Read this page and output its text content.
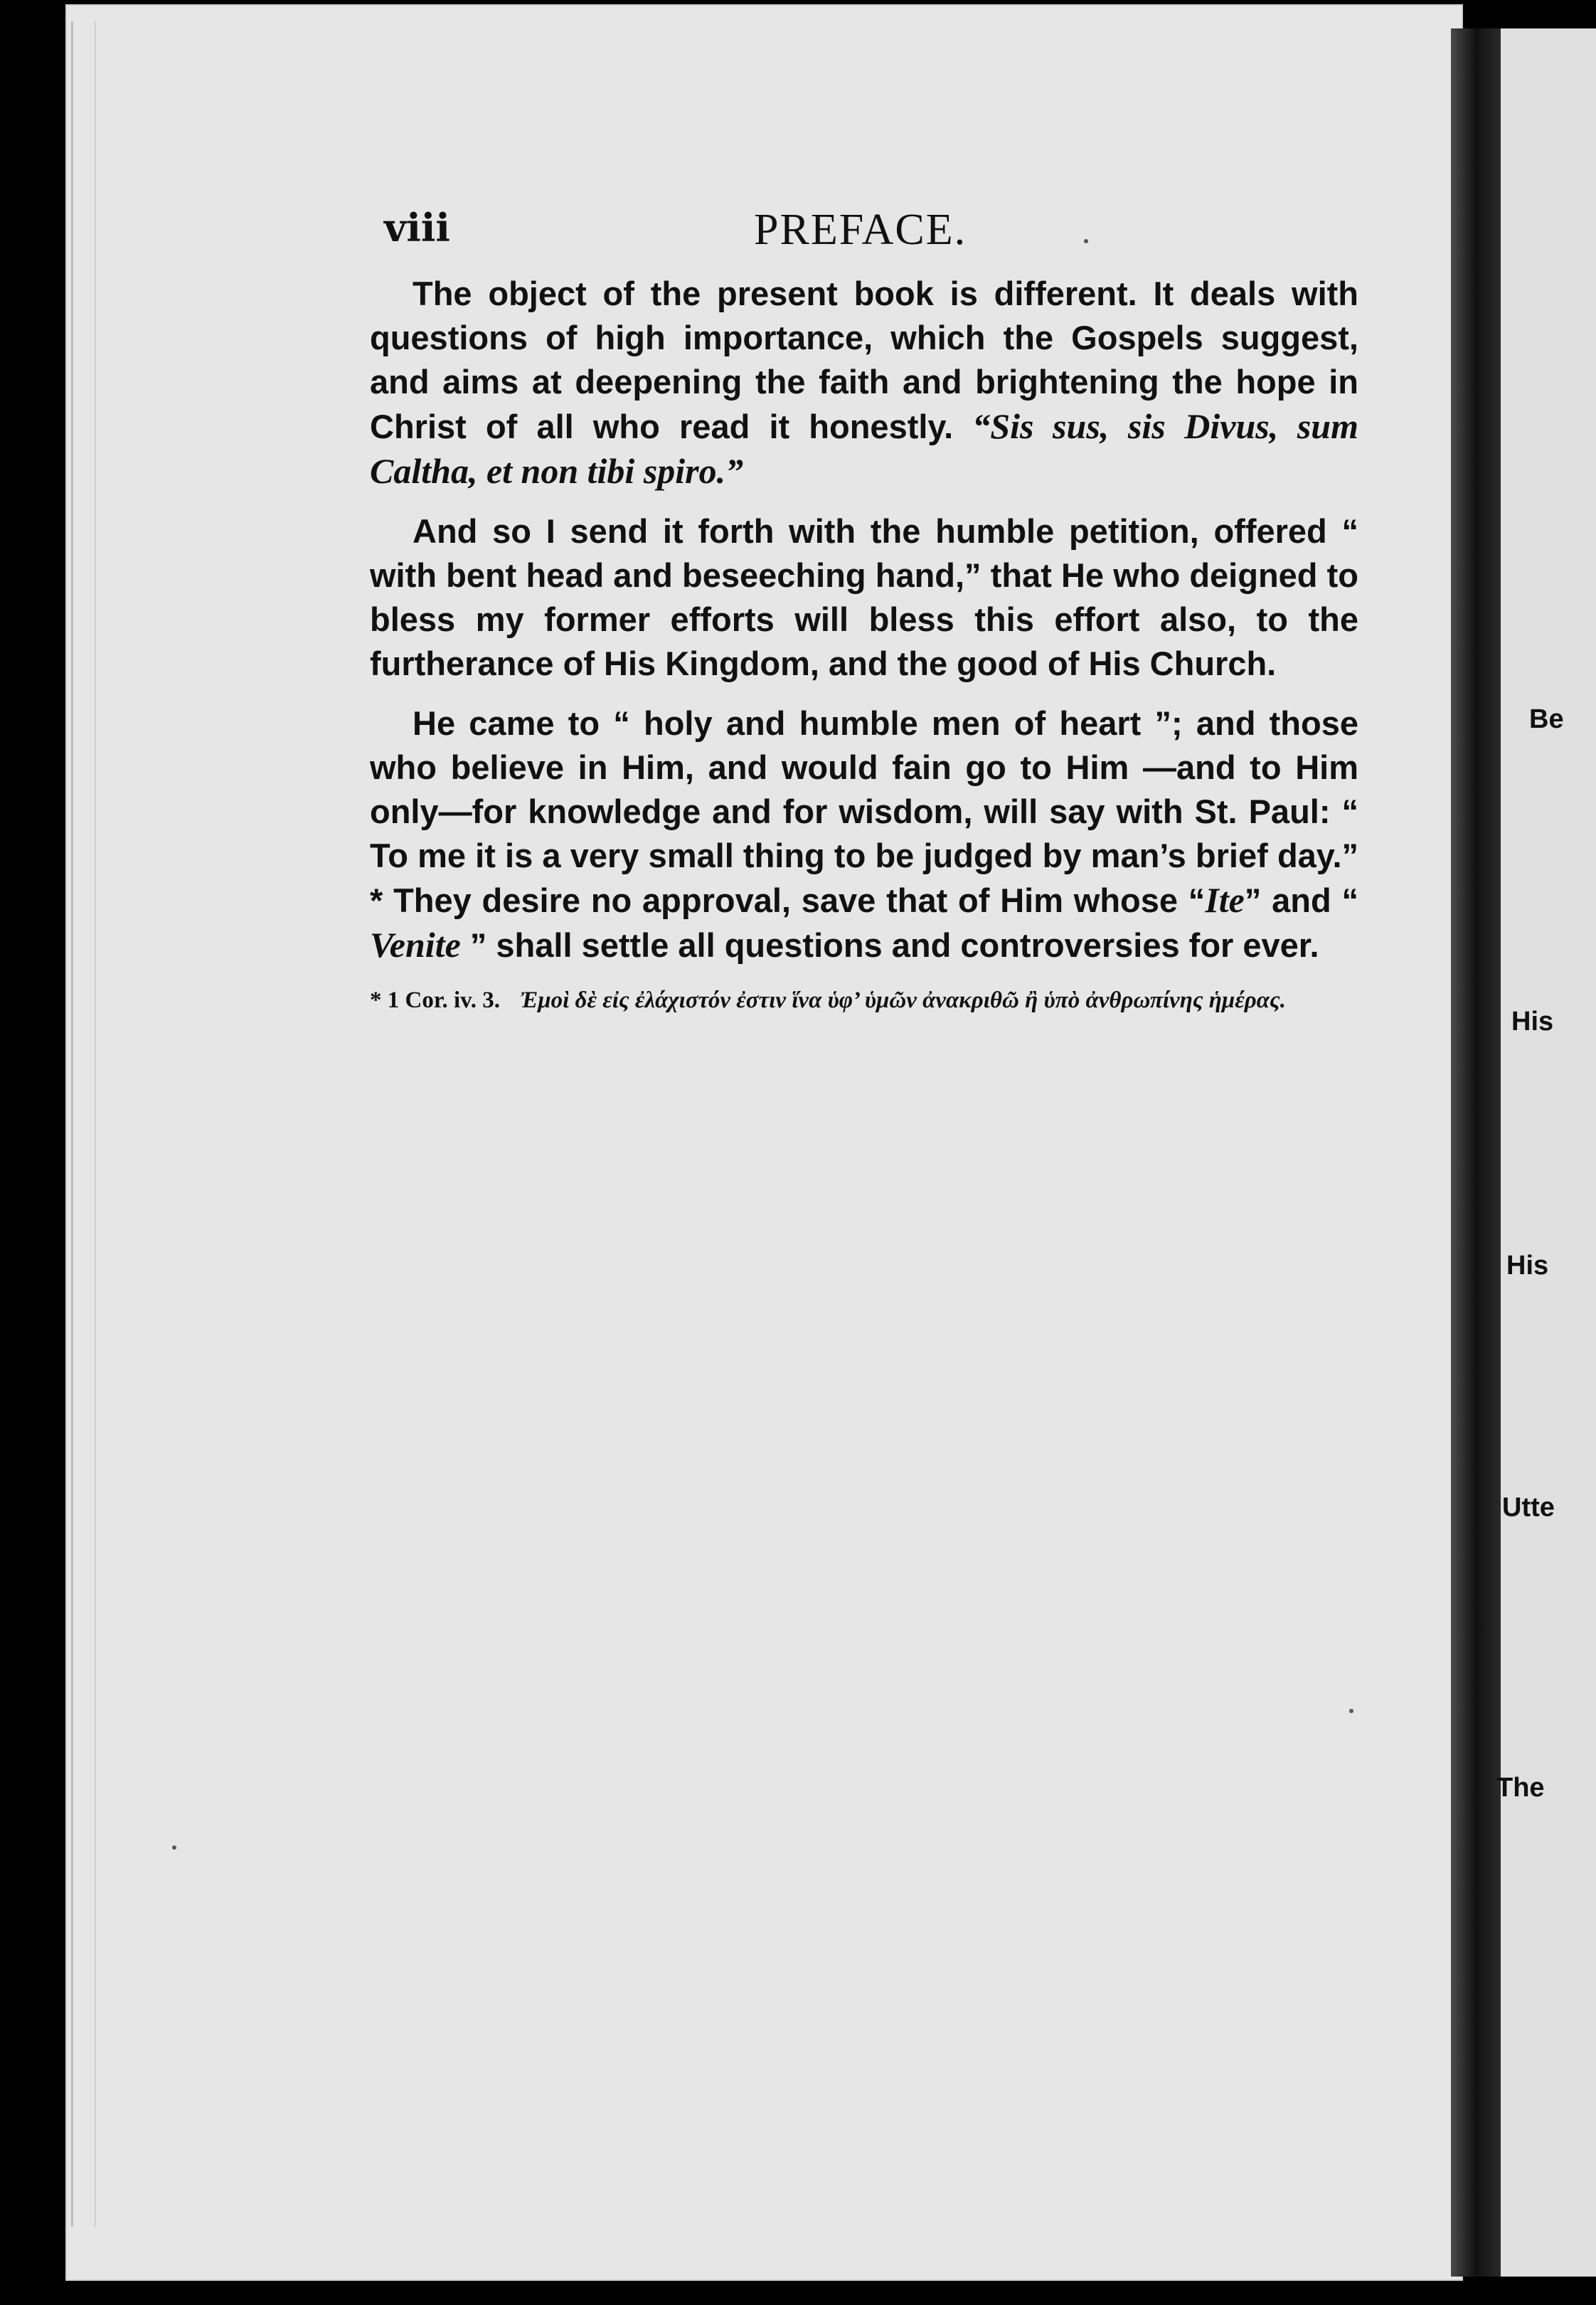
viii	PREFACE.

The object of the present book is different. It deals with questions of high importance, which the Gospels suggest, and aims at deepening the faith and brightening the hope in Christ of all who read it honestly. “Sis sus, sis Divus, sum Caltha, et non tibi spiro.”

And so I send it forth with the humble petition, offered “ with bent head and beseeching hand,” that He who deigned to bless my former efforts will bless this effort also, to the furtherance of His Kingdom, and the good of His Church.

He came to “ holy and humble men of heart ”; and those who believe in Him, and would fain go to Him —and to Him only—for knowledge and for wisdom, will say with St. Paul: “ To me it is a very small thing to be judged by man’s brief day.” * They desire no approval, save that of Him whose “Ite” and “ Venite ” shall settle all questions and controversies for ever.

* 1 Cor. iv. 3. Ἐμοὶ δὲ εἰς ἐλάχιστόν ἐστιν ἵνα ὑφ’ ὑμῶν ἀνακριθῶ ἢ ὑπὸ ἀνθρωπίνης ἡμέρας.

Be
His
His
Utte
The
